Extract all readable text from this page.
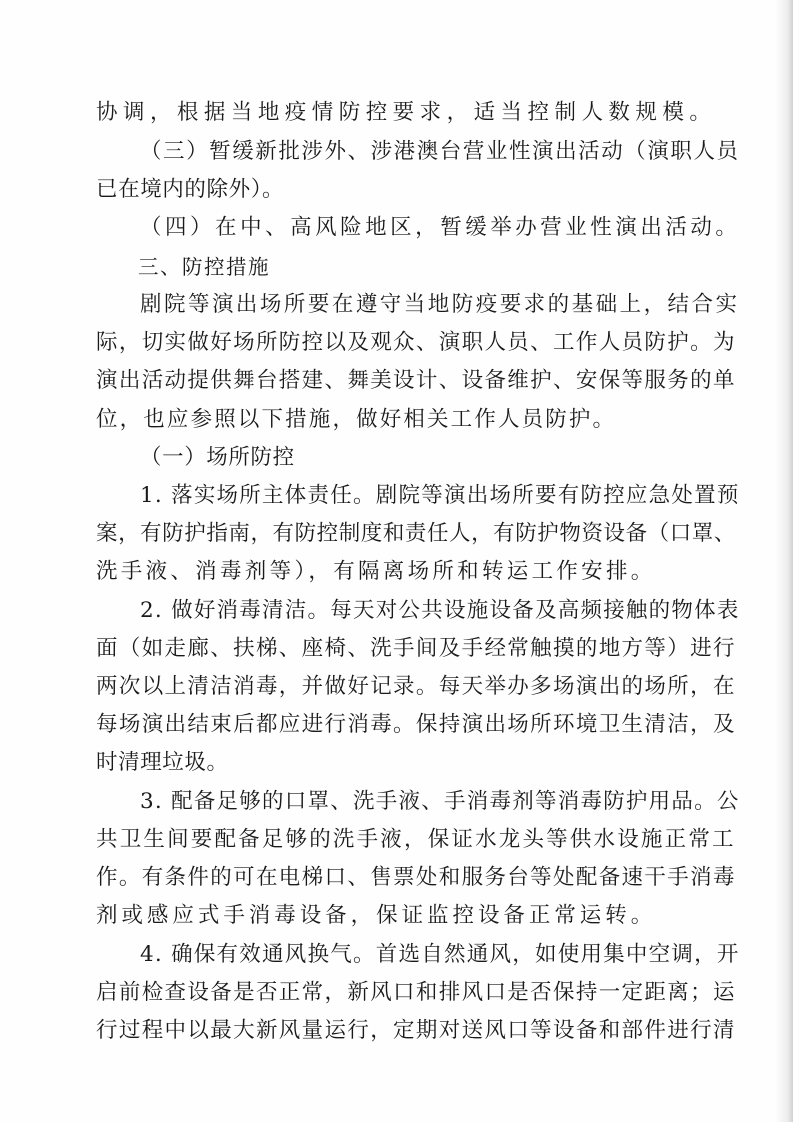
协调，根据当地疫情防控要求，适当控制人数规模。
（三）暂缓新批涉外、涉港澳台营业性演出活动（演职人员
已在境内的除外）。
（四）在中、高风险地区，暂缓举办营业性演出活动。
三、防控措施
剧院等演出场所要在遵守当地防疫要求的基础上，结合实
际，切实做好场所防控以及观众、演职人员、工作人员防护。为
演出活动提供舞台搭建、舞美设计、设备维护、安保等服务的单
位，也应参照以下措施，做好相关工作人员防护。
（一）场所防控
1. 落实场所主体责任。剧院等演出场所要有防控应急处置预
案，有防护指南，有防控制度和责任人，有防护物资设备（口罩、
洗手液、消毒剂等），有隔离场所和转运工作安排。
2. 做好消毒清洁。每天对公共设施设备及高频接触的物体表
面（如走廊、扶梯、座椅、洗手间及手经常触摸的地方等）进行
两次以上清洁消毒，并做好记录。每天举办多场演出的场所，在
每场演出结束后都应进行消毒。保持演出场所环境卫生清洁，及
时清理垃圾。
3. 配备足够的口罩、洗手液、手消毒剂等消毒防护用品。公
共卫生间要配备足够的洗手液，保证水龙头等供水设施正常工
作。有条件的可在电梯口、售票处和服务台等处配备速干手消毒
剂或感应式手消毒设备，保证监控设备正常运转。
4. 确保有效通风换气。首选自然通风，如使用集中空调，开
启前检查设备是否正常，新风口和排风口是否保持一定距离；运
行过程中以最大新风量运行，定期对送风口等设备和部件进行清
